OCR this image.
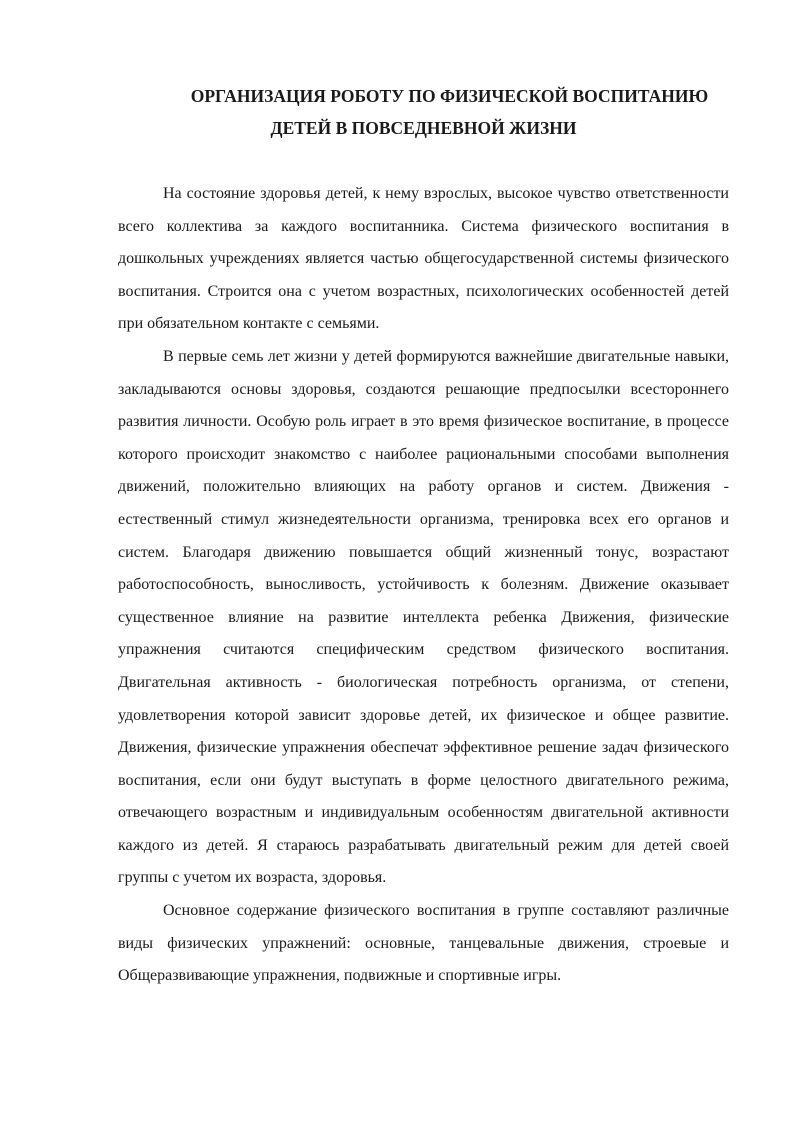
ОРГАНИЗАЦИЯ РОБОТУ ПО ФИЗИЧЕСКОЙ ВОСПИТАНИЮ
ДЕТЕЙ В ПОВСЕДНЕВНОЙ ЖИЗНИ

На состояние здоровья детей, к нему взрослых, высокое чувство ответственности всего коллектива за каждого воспитанника. Система физического воспитания в дошкольных учреждениях является частью общегосударственной системы физического воспитания. Строится она с учетом возрастных, психологических особенностей детей при обязательном контакте с семьями.

В первые семь лет жизни у детей формируются важнейшие двигательные навыки, закладываются основы здоровья, создаются решающие предпосылки всестороннего развития личности. Особую роль играет в это время физическое воспитание, в процессе которого происходит знакомство с наиболее рациональными способами выполнения движений, положительно влияющих на работу органов и систем. Движения - естественный стимул жизнедеятельности организма, тренировка всех его органов и систем. Благодаря движению повышается общий жизненный тонус, возрастают работоспособность, выносливость, устойчивость к болезням. Движение оказывает существенное влияние на развитие интеллекта ребенка Движения, физические упражнения считаются специфическим средством физического воспитания. Двигательная активность - биологическая потребность организма, от степени, удовлетворения которой зависит здоровье детей, их физическое и общее развитие. Движения, физические упражнения обеспечат эффективное решение задач физического воспитания, если они будут выступать в форме целостного двигательного режима, отвечающего возрастным и индивидуальным особенностям двигательной активности каждого из детей. Я стараюсь разрабатывать двигательный режим для детей своей группы с учетом их возраста, здоровья.

Основное содержание физического воспитания в группе составляют различные виды физических упражнений: основные, танцевальные движения, строевые и Общеразвивающие упражнения, подвижные и спортивные игры.
